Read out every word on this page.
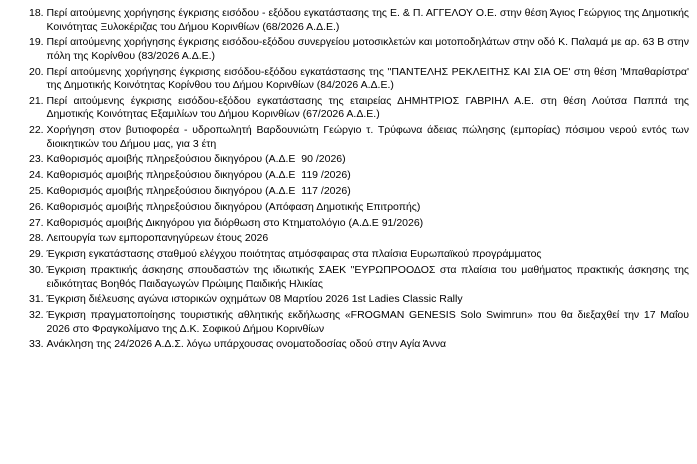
18. Περί αιτούμενης χορήγησης έγκρισης εισόδου - εξόδου εγκατάστασης της Ε. & Π. ΑΓΓΕΛΟΥ Ο.Ε. στην θέση Άγιος Γεώργιος της Δημοτικής Κοινότητας Ξυλοκέριζας του Δήμου Κορινθίων (68/2026 Α.Δ.Ε.)
19. Περί αιτούμενης χορήγησης έγκρισης εισόδου-εξόδου συνεργείου μοτοσικλετών και μοτοποδηλάτων στην οδό Κ. Παλαμά με αρ. 63 Β στην πόλη της Κορίνθου (83/2026 Α.Δ.Ε.)
20. Περί αιτούμενης χορήγησης έγκρισης εισόδου-εξόδου εγκατάστασης της ''ΠΑΝΤΕΛΗΣ ΡΕΚΛΕΙΤΗΣ ΚΑΙ ΣΙΑ ΟΕ' στη θέση 'Μπαθαρίστρα' της Δημοτικής Κοινότητας Κορίνθου του Δήμου Κορινθίων (84/2026 Α.Δ.Ε.)
21. Περί αιτούμενης έγκρισης εισόδου-εξόδου εγκατάστασης της εταιρείας ΔΗΜΗΤΡΙΟΣ ΓΑΒΡΙΗΛ Α.Ε. στη θέση Λούτσα Παππά της Δημοτικής Κοινότητας Εξαμιλίων του Δήμου Κορινθίων (67/2026 Α.Δ.Ε.)
22. Χορήγηση στον βυτιοφορέα - υδροπωλητή Βαρδουνιώτη Γεώργιο τ. Τρύφωνα άδειας πώλησης (εμπορίας) πόσιμου νερού εντός των διοικητικών του Δήμου μας, για 3 έτη
23. Καθορισμός αμοιβής πληρεξούσιου δικηγόρου (Α.Δ.Ε  90 /2026)
24. Καθορισμός αμοιβής πληρεξούσιου δικηγόρου (Α.Δ.Ε  119 /2026)
25. Καθορισμός αμοιβής πληρεξούσιου δικηγόρου (Α.Δ.Ε  117 /2026)
26. Καθορισμός αμοιβής πληρεξούσιου δικηγόρου (Απόφαση Δημοτικής Επιτροπής)
27. Καθορισμός αμοιβής Δικηγόρου για διόρθωση στο Κτηματολόγιο (Α.Δ.Ε 91/2026)
28. Λειτουργία των εμποροπανηγύρεων έτους 2026
29. Έγκριση εγκατάστασης σταθμού ελέγχου ποιότητας ατμόσφαιρας στα πλαίσια Ευρωπαϊκού προγράμματος
30. Έγκριση πρακτικής άσκησης σπουδαστών της ιδιωτικής ΣΑΕΚ "ΕΥΡΩΠΡΟΟΔΟΣ στα πλαίσια του μαθήματος πρακτικής άσκησης της ειδικότητας Βοηθός Παιδαγωγών Πρώιμης Παιδικής Ηλικίας
31. Έγκριση διέλευσης αγώνα ιστορικών οχημάτων 08 Μαρτίου 2026 1st Ladies Classic Rally
32. Έγκριση πραγματοποίησης τουριστικής αθλητικής εκδήλωσης «FROGMAN GENESIS Solo Swimrun» που θα διεξαχθεί την 17 Μαΐου 2026 στο Φραγκολίμανο της Δ.Κ. Σοφικού Δήμου Κορινθίων
33. Ανάκληση της 24/2026 Α.Δ.Σ. λόγω υπάρχουσας ονοματοδοσίας οδού στην Αγία Άννα
